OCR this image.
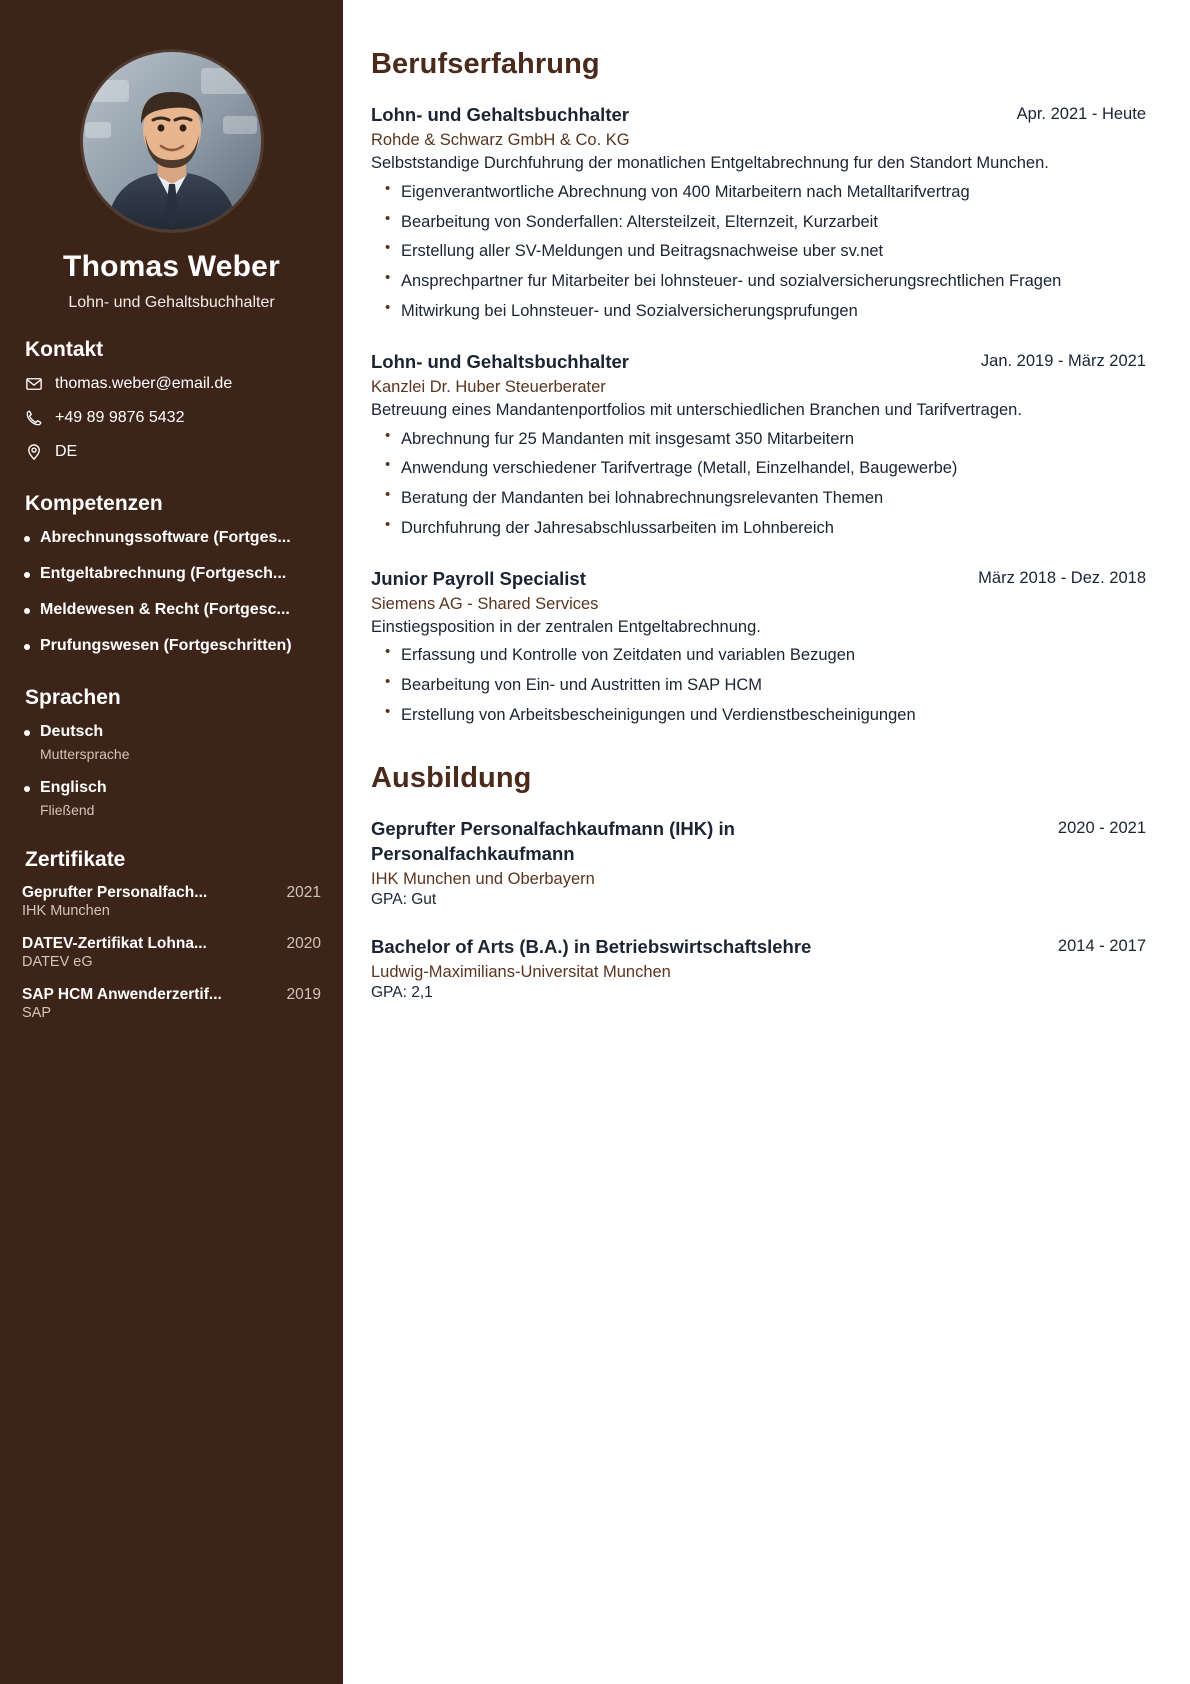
Thomas Weber
Lohn- und Gehaltsbuchhalter
Kontakt
thomas.weber@email.de
+49 89 9876 5432
DE
Kompetenzen
Abrechnungssoftware (Fortges...
Entgeltabrechnung (Fortgesch...
Meldewesen & Recht (Fortgesc...
Prufungswesen (Fortgeschritten)
Sprachen
Deutsch
Muttersprache
Englisch
Fließend
Zertifikate
Geprufter Personalfach...	2021
IHK Munchen
DATEV-Zertifikat Lohna...	2020
DATEV eG
SAP HCM Anwenderzertif...	2019
SAP
Berufserfahrung
Lohn- und Gehaltsbuchhalter	Apr. 2021 - Heute
Rohde & Schwarz GmbH & Co. KG
Selbststandige Durchfuhrung der monatlichen Entgeltabrechnung fur den Standort Munchen.
• Eigenverantwortliche Abrechnung von 400 Mitarbeitern nach Metalltarifvertrag
• Bearbeitung von Sonderfallen: Altersteilzeit, Elternzeit, Kurzarbeit
• Erstellung aller SV-Meldungen und Beitragsnachweise uber sv.net
• Ansprechpartner fur Mitarbeiter bei lohnsteuer- und sozialversicherungsrechtlichen Fragen
• Mitwirkung bei Lohnsteuer- und Sozialversicherungsprufungen
Lohn- und Gehaltsbuchhalter	Jan. 2019 - März 2021
Kanzlei Dr. Huber Steuerberater
Betreuung eines Mandantenportfolios mit unterschiedlichen Branchen und Tarifvertragen.
• Abrechnung fur 25 Mandanten mit insgesamt 350 Mitarbeitern
• Anwendung verschiedener Tarifvertrage (Metall, Einzelhandel, Baugewerbe)
• Beratung der Mandanten bei lohnabrechnungsrelevanten Themen
• Durchfuhrung der Jahresabschlussarbeiten im Lohnbereich
Junior Payroll Specialist	März 2018 - Dez. 2018
Siemens AG - Shared Services
Einstiegsposition in der zentralen Entgeltabrechnung.
• Erfassung und Kontrolle von Zeitdaten und variablen Bezugen
• Bearbeitung von Ein- und Austritten im SAP HCM
• Erstellung von Arbeitsbescheinigungen und Verdienstbescheinigungen
Ausbildung
Geprufter Personalfachkaufmann (IHK) in Personalfachkaufmann
2020 - 2021
IHK Munchen und Oberbayern
GPA: Gut
Bachelor of Arts (B.A.) in Betriebswirtschaftslehre	2014 - 2017
Ludwig-Maximilians-Universitat Munchen
GPA: 2,1
